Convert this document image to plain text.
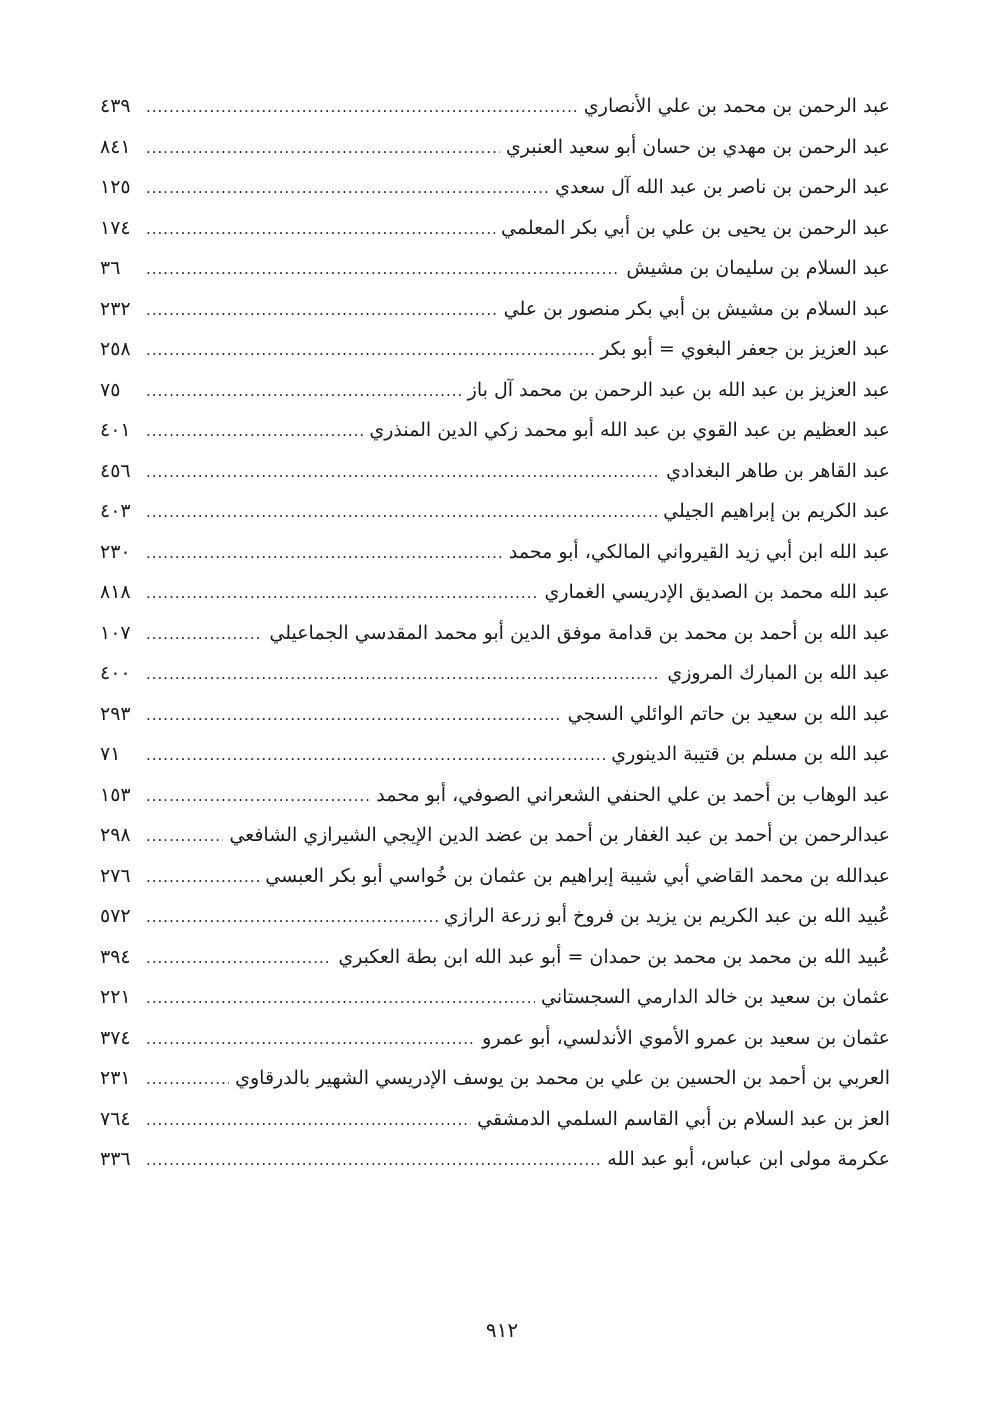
عبد الرحمن بن محمد بن علي الأنصاري
.....
٤٣٩
عبد الرحمن بن مهدي بن حسان أبو سعيد العنبري
.....
٨٤١
عبد الرحمن بن ناصر بن عبد الله آل سعدي
.....
١٢٥
عبد الرحمن بن يحيى بن علي بن أبي بكر المعلمي
.....
١٧٤
عبد السلام بن سليمان بن مشيش
.....
٣٦
عبد السلام بن مشيش بن أبي بكر منصور بن علي
.....
٢٣٢
عبد العزيز بن جعفر البغوي = أبو بكر
.....
٢٥٨
عبد العزيز بن عبد الله بن عبد الرحمن بن محمد آل باز
.....
٧٥
عبد العظيم بن عبد القوي بن عبد الله أبو محمد زكي الدين المنذري
.....
٤٠١
عبد القاهر بن طاهر البغدادي
.....
٤٥٦
عبد الكريم بن إبراهيم الجيلي
.....
٤٠٣
عبد الله ابن أبي زيد القيرواني المالكي، أبو محمد
.....
٢٣٠
عبد الله محمد بن الصديق الإدريسي الغماري
.....
٨١٨
عبد الله بن أحمد بن محمد بن قدامة موفق الدين أبو محمد المقدسي الجماعيلي
.....
١٠٧
عبد الله بن المبارك المروزي
.....
٤٠٠
عبد الله بن سعيد بن حاتم الوائلي السجي
.....
٢٩٣
عبد الله بن مسلم بن قتيبة الدينوري
.....
٧١
عبد الوهاب بن أحمد بن علي الحنفي الشعراني الصوفي، أبو محمد
.....
١٥٣
عبدالرحمن بن أحمد بن عبد الغفار بن أحمد بن عضد الدين الإيجي الشيرازي الشافعي
.....
٢٩٨
عبدالله بن محمد القاضي أبي شيبة إبراهيم بن عثمان بن خُواسي أبو بكر العبسي
.....
٢٧٦
عُبيد الله بن عبد الكريم بن يزيد بن فروخ أبو زرعة الرازي
.....
٥٧٢
عُبيد الله بن محمد بن محمد بن حمدان = أبو عبد الله ابن بطة العكبري
.....
٣٩٤
عثمان بن سعيد بن خالد الدارمي السجستاني
.....
٢٢١
عثمان بن سعيد بن عمرو الأموي الأندلسي، أبو عمرو
.....
٣٧٤
العربي بن أحمد بن الحسين بن علي بن محمد بن يوسف الإدريسي الشهير بالدرقاوي
.....
٢٣١
العز بن عبد السلام بن أبي القاسم السلمي الدمشقي
.....
٧٦٤
عكرمة مولى ابن عباس، أبو عبد الله
.....
٣٣٦
٩١٢
